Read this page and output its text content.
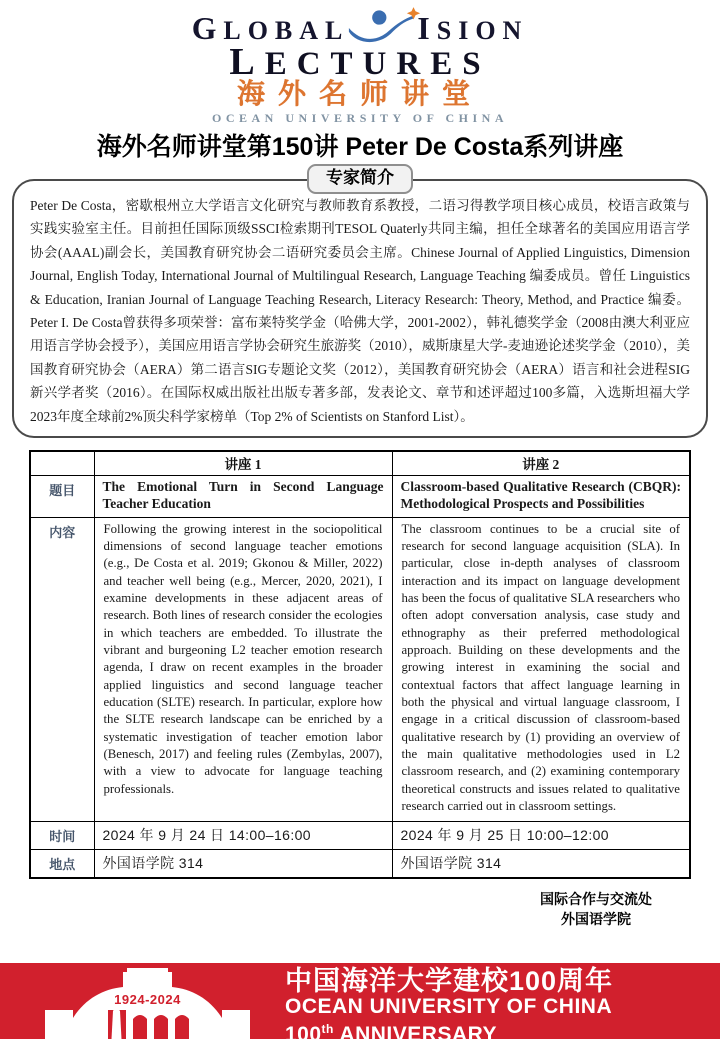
GLOBAL	ISION
LECTURES
海外名师讲堂
OCEAN UNIVERSITY OF CHINA
海外名师讲堂第150讲 Peter De Costa系列讲座
专家简介
Peter De Costa，密歇根州立大学语言文化研究与教师教育系教授，二语习得教学项目核心成员，校语言政策与实践实验室主任。目前担任国际顶级SSCI检索期刊TESOL Quaterly共同主编，担任全球著名的美国应用语言学协会(AAAL)副会长，美国教育研究协会二语研究委员会主席。Chinese Journal of Applied Linguistics, Dimension Journal, English Today, International Journal of Multilingual Research, Language Teaching 编委成员。曾任 Linguistics & Education, Iranian Journal of Language Teaching Research, Literacy Research: Theory, Method, and Practice 编委。Peter I. De Costa曾获得多项荣誉：富布莱特奖学金（哈佛大学，2001-2002），韩礼德奖学金（2008由澳大利亚应用语言学协会授予），美国应用语言学协会研究生旅游奖（2010），威斯康星大学-麦迪逊论述奖学金（2010），美国教育研究协会（AERA）第二语言SIG专题论文奖（2012），美国教育研究协会（AERA）语言和社会进程SIG新兴学者奖（2016）。在国际权威出版社出版专著多部，发表论文、章节和述评超过100多篇，入选斯坦福大学2023年度全球前2%顶尖科学家榜单（Top 2% of Scientists on Stanford List）。
	讲座 1	讲座 2
题目	The Emotional Turn in Second Language Teacher Education	Classroom-based Qualitative Research (CBQR): Methodological Prospects and Possibilities
内容	Following the growing interest in the sociopolitical dimensions of second language teacher emotions (e.g., De Costa et al. 2019; Gkonou & Miller, 2022) and teacher well being (e.g., Mercer, 2020, 2021), I examine developments in these adjacent areas of research. Both lines of research consider the ecologies in which teachers are embedded. To illustrate the vibrant and burgeoning L2 teacher emotion research agenda, I draw on recent examples in the broader applied linguistics and second language teacher education (SLTE) research. In particular, explore how the SLTE research landscape can be enriched by a systematic investigation of teacher emotion labor (Benesch, 2017) and feeling rules (Zembylas, 2007), with a view to advocate for language teaching professionals.	The classroom continues to be a crucial site of research for second language acquisition (SLA). In particular, close in-depth analyses of classroom interaction and its impact on language development has been the focus of qualitative SLA researchers who often adopt conversation analysis, case study and ethnography as their preferred methodological approach. Building on these developments and the growing interest in examining the social and contextual factors that affect language learning in both the physical and virtual language classroom, I engage in a critical discussion of classroom-based qualitative research by (1) providing an overview of the main qualitative methodologies used in L2 classroom research, and (2) examining contemporary theoretical constructs and issues related to qualitative research carried out in classroom settings.
时间	2024 年 9 月 24 日 14:00–16:00	2024 年 9 月 25 日 10:00–12:00
地点	外国语学院 314	外国语学院 314
国际合作与交流处
外国语学院
1924-2024
中国海洋大学建校100周年
OCEAN UNIVERSITY OF CHINA
100th ANNIVERSARY
